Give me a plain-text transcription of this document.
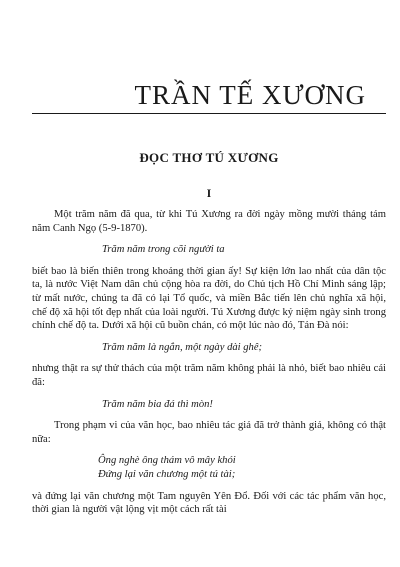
TRẦN TẾ XƯƠNG
ĐỌC THƠ TÚ XƯƠNG
I

Một trăm năm đã qua, từ khi Tú Xương ra đời ngày mồng mười tháng tám năm Canh Ngọ (5-9-1870).

Trăm năm trong cõi người ta

biết bao là biến thiên trong khoảng thời gian ấy! Sự kiện lớn lao nhất của dân tộc ta, là nước Việt Nam dân chủ cộng hòa ra đời, do Chủ tịch Hồ Chí Minh sáng lập; từ mất nước, chúng ta đã có lại Tổ quốc, và miền Bắc tiến lên chủ nghĩa xã hội, chế độ xã hội tốt đẹp nhất của loài người. Tú Xương được kỷ niệm ngày sinh trong chính chế độ ta. Dưới xã hội cũ buồn chán, có một lúc nào đó, Tản Đà nói:

Trăm năm là ngắn, một ngày dài ghê;

nhưng thật ra sự thử thách của một trăm năm không phải là nhỏ, biết bao nhiêu cái đã:

Trăm năm bia đá thì mòn!

Trong phạm vi của văn học, bao nhiêu tác giả đã trở thành giả, không có thật nữa:

Ông nghè ông thám vô mây khói
Đứng lại văn chương một tú tài;

và đứng lại văn chương một Tam nguyên Yên Đổ. Đối với các tác phẩm văn học, thời gian là người vật lộng vịt một cách rất tài
